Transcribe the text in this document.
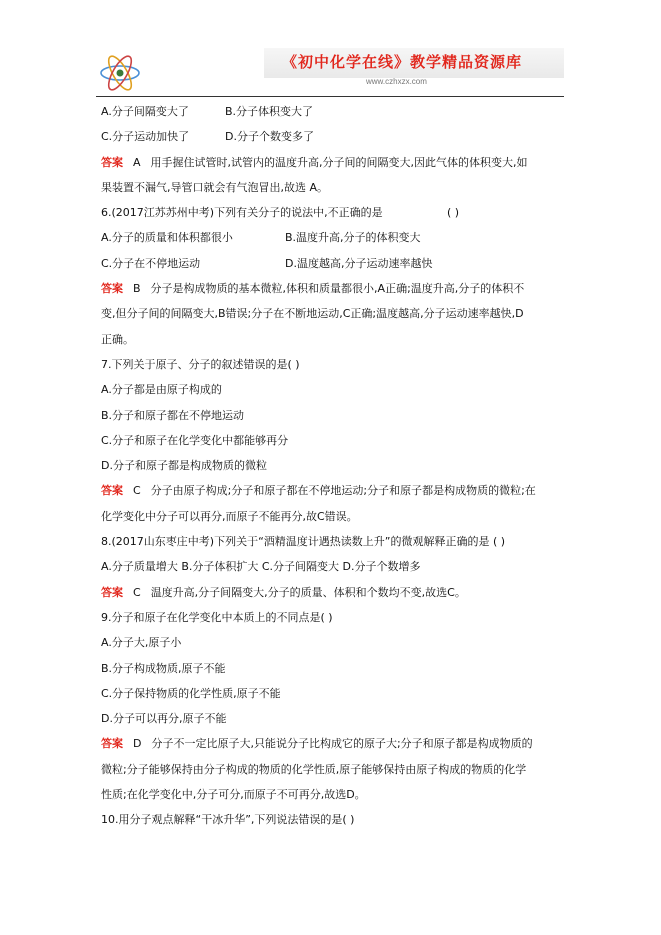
《初中化学在线》教学精品资源库
www.czhxzx.com
A.分子间隔变大了	B.分子体积变大了
C.分子运动加快了	D.分子个数变多了
答案 A 用手握住试管时,试管内的温度升高,分子间的间隔变大,因此气体的体积变大,如
果装置不漏气,导管口就会有气泡冒出,故选 A。
6.(2017江苏苏州中考)下列有关分子的说法中,不正确的是	( )
A.分子的质量和体积都很小	B.温度升高,分子的体积变大
C.分子在不停地运动	D.温度越高,分子运动速率越快
答案 B 分子是构成物质的基本微粒,体积和质量都很小,A正确;温度升高,分子的体积不
变,但分子间的间隔变大,B错误;分子在不断地运动,C正确;温度越高,分子运动速率越快,D
正确。
7.下列关于原子、分子的叙述错误的是( )
A.分子都是由原子构成的
B.分子和原子都在不停地运动
C.分子和原子在化学变化中都能够再分
D.分子和原子都是构成物质的微粒
答案 C 分子由原子构成;分子和原子都在不停地运动;分子和原子都是构成物质的微粒;在
化学变化中分子可以再分,而原子不能再分,故C错误。
8.(2017山东枣庄中考)下列关于“酒精温度计遇热读数上升”的微观解释正确的是 ( )
A.分子质量增大 B.分子体积扩大 C.分子间隔变大 D.分子个数增多
答案 C 温度升高,分子间隔变大,分子的质量、体积和个数均不变,故选C。
9.分子和原子在化学变化中本质上的不同点是( )
A.分子大,原子小
B.分子构成物质,原子不能
C.分子保持物质的化学性质,原子不能
D.分子可以再分,原子不能
答案 D 分子不一定比原子大,只能说分子比构成它的原子大;分子和原子都是构成物质的
微粒;分子能够保持由分子构成的物质的化学性质,原子能够保持由原子构成的物质的化学
性质;在化学变化中,分子可分,而原子不可再分,故选D。
10.用分子观点解释“干冰升华”,下列说法错误的是( )
